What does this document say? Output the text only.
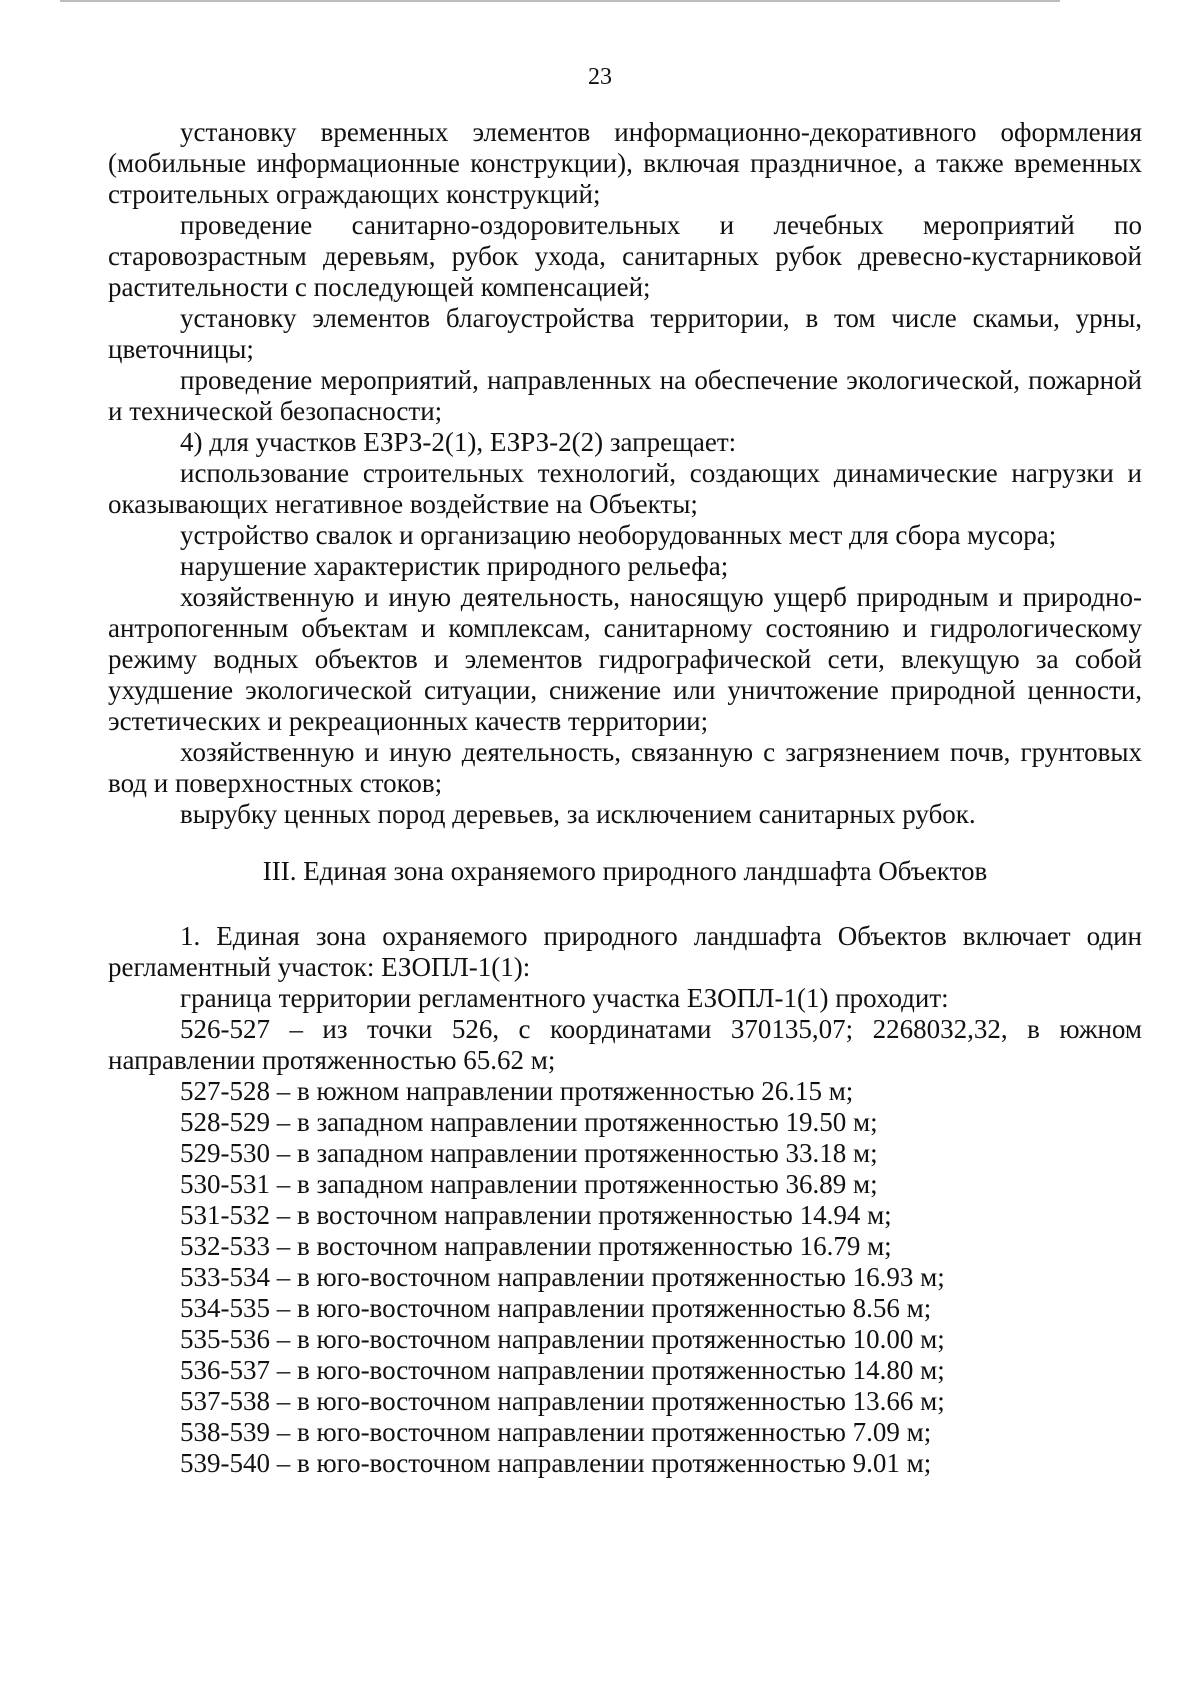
23

установку временных элементов информационно-декоративного оформления (мобильные информационные конструкции), включая праздничное, а также временных строительных ограждающих конструкций;

проведение санитарно-оздоровительных и лечебных мероприятий по старовозрастным деревьям, рубок ухода, санитарных рубок древесно-кустарниковой растительности с последующей компенсацией;

установку элементов благоустройства территории, в том числе скамьи, урны, цветочницы;

проведение мероприятий, направленных на обеспечение экологической, пожарной и технической безопасности;

4) для участков ЕЗРЗ-2(1), ЕЗРЗ-2(2) запрещает:

использование строительных технологий, создающих динамические нагрузки и оказывающих негативное воздействие на Объекты;

устройство свалок и организацию необорудованных мест для сбора мусора;

нарушение характеристик природного рельефа;

хозяйственную и иную деятельность, наносящую ущерб природным и природно-антропогенным объектам и комплексам, санитарному состоянию и гидрологическому режиму водных объектов и элементов гидрографической сети, влекущую за собой ухудшение экологической ситуации, снижение или уничтожение природной ценности, эстетических и рекреационных качеств территории;

хозяйственную и иную деятельность, связанную с загрязнением почв, грунтовых вод и поверхностных стоков;

вырубку ценных пород деревьев, за исключением санитарных рубок.

III. Единая зона охраняемого природного ландшафта Объектов

1. Единая зона охраняемого природного ландшафта Объектов включает один регламентный участок: ЕЗОПЛ-1(1):

граница территории регламентного участка ЕЗОПЛ-1(1) проходит:

526-527 – из точки 526, с координатами 370135,07; 2268032,32, в южном направлении протяженностью 65.62 м;

527-528 – в южном направлении протяженностью 26.15 м;

528-529 – в западном направлении протяженностью 19.50 м;

529-530 – в западном направлении протяженностью 33.18 м;

530-531 – в западном направлении протяженностью 36.89 м;

531-532 – в восточном направлении протяженностью 14.94 м;

532-533 – в восточном направлении протяженностью 16.79 м;

533-534 – в юго-восточном направлении протяженностью 16.93 м;

534-535 – в юго-восточном направлении протяженностью 8.56 м;

535-536 – в юго-восточном направлении протяженностью 10.00 м;

536-537 – в юго-восточном направлении протяженностью 14.80 м;

537-538 – в юго-восточном направлении протяженностью 13.66 м;

538-539 – в юго-восточном направлении протяженностью 7.09 м;

539-540 – в юго-восточном направлении протяженностью 9.01 м;
